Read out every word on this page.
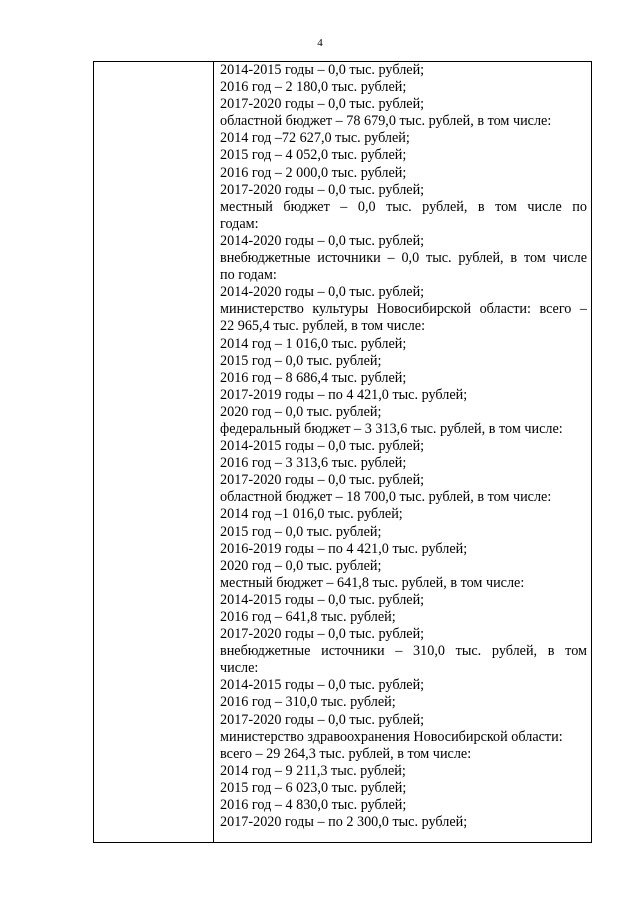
4
2014-2015 годы – 0,0 тыс. рублей;
2016 год – 2 180,0 тыс. рублей;
2017-2020 годы – 0,0 тыс. рублей;
областной бюджет – 78 679,0 тыс. рублей, в том числе:
2014 год –72 627,0 тыс. рублей;
2015 год – 4 052,0 тыс. рублей;
2016 год – 2 000,0 тыс. рублей;
2017-2020 годы – 0,0 тыс. рублей;
местный бюджет – 0,0 тыс. рублей, в том числе по
годам:
2014-2020 годы – 0,0 тыс. рублей;
внебюджетные источники – 0,0 тыс. рублей, в том числе
по годам:
2014-2020 годы – 0,0 тыс. рублей;
министерство культуры Новосибирской области: всего –
22 965,4 тыс. рублей, в том числе:
2014 год – 1 016,0 тыс. рублей;
2015 год – 0,0 тыс. рублей;
2016 год – 8 686,4 тыс. рублей;
2017-2019 годы – по 4 421,0 тыс. рублей;
2020 год – 0,0 тыс. рублей;
федеральный бюджет – 3 313,6 тыс. рублей, в том числе:
2014-2015 годы – 0,0 тыс. рублей;
2016 год – 3 313,6 тыс. рублей;
2017-2020 годы – 0,0 тыс. рублей;
областной бюджет – 18 700,0 тыс. рублей, в том числе:
2014 год –1 016,0 тыс. рублей;
2015 год – 0,0 тыс. рублей;
2016-2019 годы – по 4 421,0 тыс. рублей;
2020 год – 0,0 тыс. рублей;
местный бюджет – 641,8 тыс. рублей, в том числе:
2014-2015 годы – 0,0 тыс. рублей;
2016 год – 641,8 тыс. рублей;
2017-2020 годы – 0,0 тыс. рублей;
внебюджетные источники – 310,0 тыс. рублей, в том
числе:
2014-2015 годы – 0,0 тыс. рублей;
2016 год – 310,0 тыс. рублей;
2017-2020 годы – 0,0 тыс. рублей;
министерство здравоохранения Новосибирской области:
всего – 29 264,3 тыс. рублей, в том числе:
2014 год – 9 211,3 тыс. рублей;
2015 год – 6 023,0 тыс. рублей;
2016 год – 4 830,0 тыс. рублей;
2017-2020 годы – по 2 300,0 тыс. рублей;
